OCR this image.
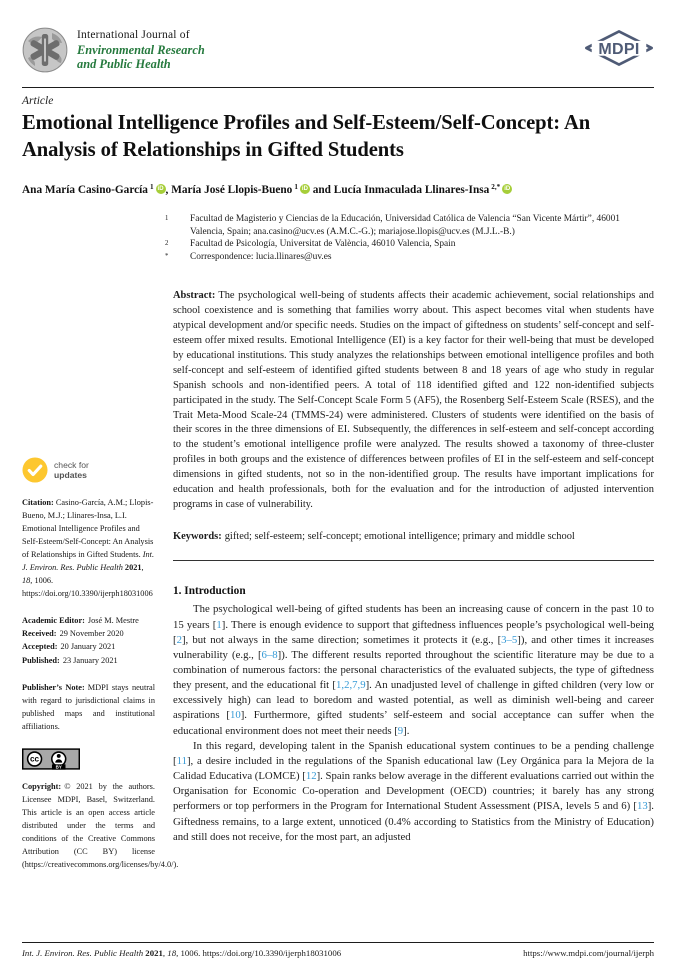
International Journal of
Environmental Research
and Public Health
MDPI
Article
Emotional Intelligence Profiles and Self-Esteem/Self-Concept: An Analysis of Relationships in Gifted Students
Ana María Casino-García $^1$ iD , María José Llopis-Bueno $^1$ iD and Lucía Inmaculada Llinares-Insa $^{2,*}$ iD
check for
updates

Citation: Casino-García, A.M.; Llopis-Bueno, M.J.; Llinares-Insa, L.I. Emotional Intelligence Profiles and Self-Esteem/Self-Concept: An Analysis of Relationships in Gifted Students. Int. J. Environ. Res. Public Health 2021, 18, 1006. https://doi.org/10.3390/ijerph18031006

Academic Editor: José M. Mestre

Received: 29 November 2020

Accepted: 20 January 2021

Published: 23 January 2021

Publisher’s Note: MDPI stays neutral with regard to jurisdictional claims in published maps and institutional affiliations.

cc
BY

Copyright: © 2021 by the authors. Licensee MDPI, Basel, Switzerland. This article is an open access article distributed under the terms and conditions of the Creative Commons Attribution (CC BY) license (https://creativecommons.org/licenses/by/4.0/).

1	Facultad de Magisterio y Ciencias de la Educación, Universidad Católica de Valencia “San Vicente Mártir”, 46001 Valencia, Spain; ana.casino@ucv.es (A.M.C.-G.); mariajose.llopis@ucv.es (M.J.L.-B.)
2	Facultad de Psicología, Universitat de València, 46010 Valencia, Spain
*	Correspondence: lucia.llinares@uv.es

Abstract: The psychological well-being of students affects their academic achievement, social relationships and school coexistence and is something that families worry about. This aspect becomes vital when students have atypical development and/or specific needs. Studies on the impact of giftedness on students’ self-concept and self-esteem offer mixed results. Emotional Intelligence (EI) is a key factor for their well-being that must be developed by educational institutions. This study analyzes the relationships between emotional intelligence profiles and both self-concept and self-esteem of identified gifted students between 8 and 18 years of age who study in regular Spanish schools and non-identified peers. A total of 118 identified gifted and 122 non-identified subjects participated in the study. The Self-Concept Scale Form 5 (AF5), the Rosenberg Self-Esteem Scale (RSES), and the Trait Meta-Mood Scale-24 (TMMS-24) were administered. Clusters of students were identified on the basis of their scores in the three dimensions of EI. Subsequently, the differences in self-esteem and self-concept according to the student’s emotional intelligence profile were analyzed. The results showed a taxonomy of three-cluster profiles in both groups and the existence of differences between profiles of EI in the self-esteem and self-concept dimensions in gifted students, not so in the non-identified group. The results have important implications for education and health professionals, both for the evaluation and for the introduction of adjusted intervention programs in case of vulnerability.

Keywords: gifted; self-esteem; self-concept; emotional intelligence; primary and middle school

1. Introduction

The psychological well-being of gifted students has been an increasing cause of concern in the past 10 to 15 years [1]. There is enough evidence to support that giftedness influences people’s psychological well-being [2], but not always in the same direction; sometimes it protects it (e.g., [3–5]), and other times it increases vulnerability (e.g., [6–8]). The different results reported throughout the scientific literature may be due to a combination of numerous factors: the personal characteristics of the evaluated subjects, the type of giftedness they present, and the educational fit [1,2,7,9]. An unadjusted level of challenge in gifted children (very low or excessively high) can lead to boredom and wasted potential, as well as diminish well-being and career aspirations [10]. Furthermore, gifted students’ self-esteem and social acceptance can suffer when the educational environment does not meet their needs [9].

In this regard, developing talent in the Spanish educational system continues to be a pending challenge [11], a desire included in the regulations of the Spanish educational law (Ley Orgánica para la Mejora de la Calidad Educativa (LOMCE) [12]. Spain ranks below average in the different evaluations carried out within the Organisation for Economic Co-operation and Development (OECD) countries; it barely has any strong performers or top performers in the Program for International Student Assessment (PISA, levels 5 and 6) [13]. Giftedness remains, to a large extent, unnoticed (0.4% according to Statistics from the Ministry of Education) and still does not receive, for the most part, an adjusted

Int. J. Environ. Res. Public Health 2021, 18, 1006. https://doi.org/10.3390/ijerph18031006	https://www.mdpi.com/journal/ijerph
